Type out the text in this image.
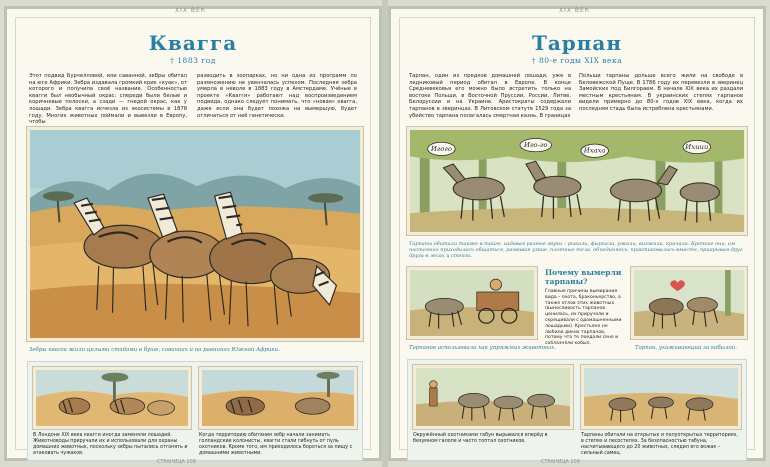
XIX ВЕК
Квагга
† 1883 год
Этот подвид Бурчелловой, или саванной, зебры обитал на юге Африки. Зебра издавала громкий крик «куак», от которого и получила своё название. Особенностью квагги был необычный окрас: спереди были белые и коричневые полоски, а сзади — гнедой окрас, как у лошади. Зебра квагга исчезла из экосистемы в 1878 году. Многих животных поймали и вывезли в Европу, чтобы
разводить в зоопарках, но ни одна из программ по размножению не увенчалась успехом. Последняя зебра умерла в неволе в 1883 году в Амстердаме. Учёные в проекте «Квагги» работают над воспроизведением подвида, однако следует понимать, что «новая» квагга, даже если она будет похожа на вымершую, будет отличаться от неё генетически.
Зебры квагги жили целыми стадами в буше, саваннах и на равнинах Южной Африки.
В Лондоне XIX века квагги иногда заменяли лошадей. Животноводы приручали их и использовали для охраны домашних животных, поскольку зебры пытались отгонять и атаковать чужаков.
Когда территорию обитания зебр начали занимать голландские колонисты, квагги стали гибнуть от пуль охотников. Кроме того, им приходилось бороться за пищу с домашними животными.
СТРАНИЦА 108
XIX ВЕК
Тарпан
† 80-е годы XIX века
Тарпан, один из предков домашней лошади, уже в ледниковый период обитал в Европе. В конце Средневековья его можно было встретить только на востоке Польши, в Восточной Пруссии, России, Литве, Белоруссии и на Украине. Аристократы содержали тарпанов в зверинцах. В Литовском статуте 1529 года за убийство тарпана полагалась смертная казнь. В границах
Польши тарпаны дольше всего жили на свободе в Беловежской Пуще. В 1786 году их перевезли в зверинец Замойских под Билгораем. В начале XIX века их раздали местным крестьянам. В украинских степях тарпанов видели примерно до 80-х годов XIX века, когда их последняя стадь была истреблена крестьянами.
Игого	Иго-го
Ихаха	Ихиии
Тарпаны обитали также в тайге, издавая разные звуки – рыкали, фыркали, ржали, визжали, кричали. Крепкие они, им постоянно приходилось общаться, развивая узкие, плотные тела, объединяясь, практиковались вместе, прикрывая друг друга в лесах и степях.
Почему вымерли тарпаны?
Главные причины вымирания вида – охота, браконьерство, а также отлов этих животных (выносливость тарпанов ценилась, их приручали и скрещивали с одомашненными лошадьми). Крестьяне не любили диких тарпанов, потому что те поедали сено и соблазняли кобыл.
Тарпанов использовали как упряжных животных.	Тарпан, ухаживающий за кобылой.
Окружённый охотниками табун вырывался вперёд в безумном галопе и часто топтал охотников.
Тарпаны обитали на открытых и полуоткрытых территориях, в степях и лесостепях. За безопасностью табуна, насчитывающего до 20 животных, следил его вожак – сильный самец.
СТРАНИЦА 109
